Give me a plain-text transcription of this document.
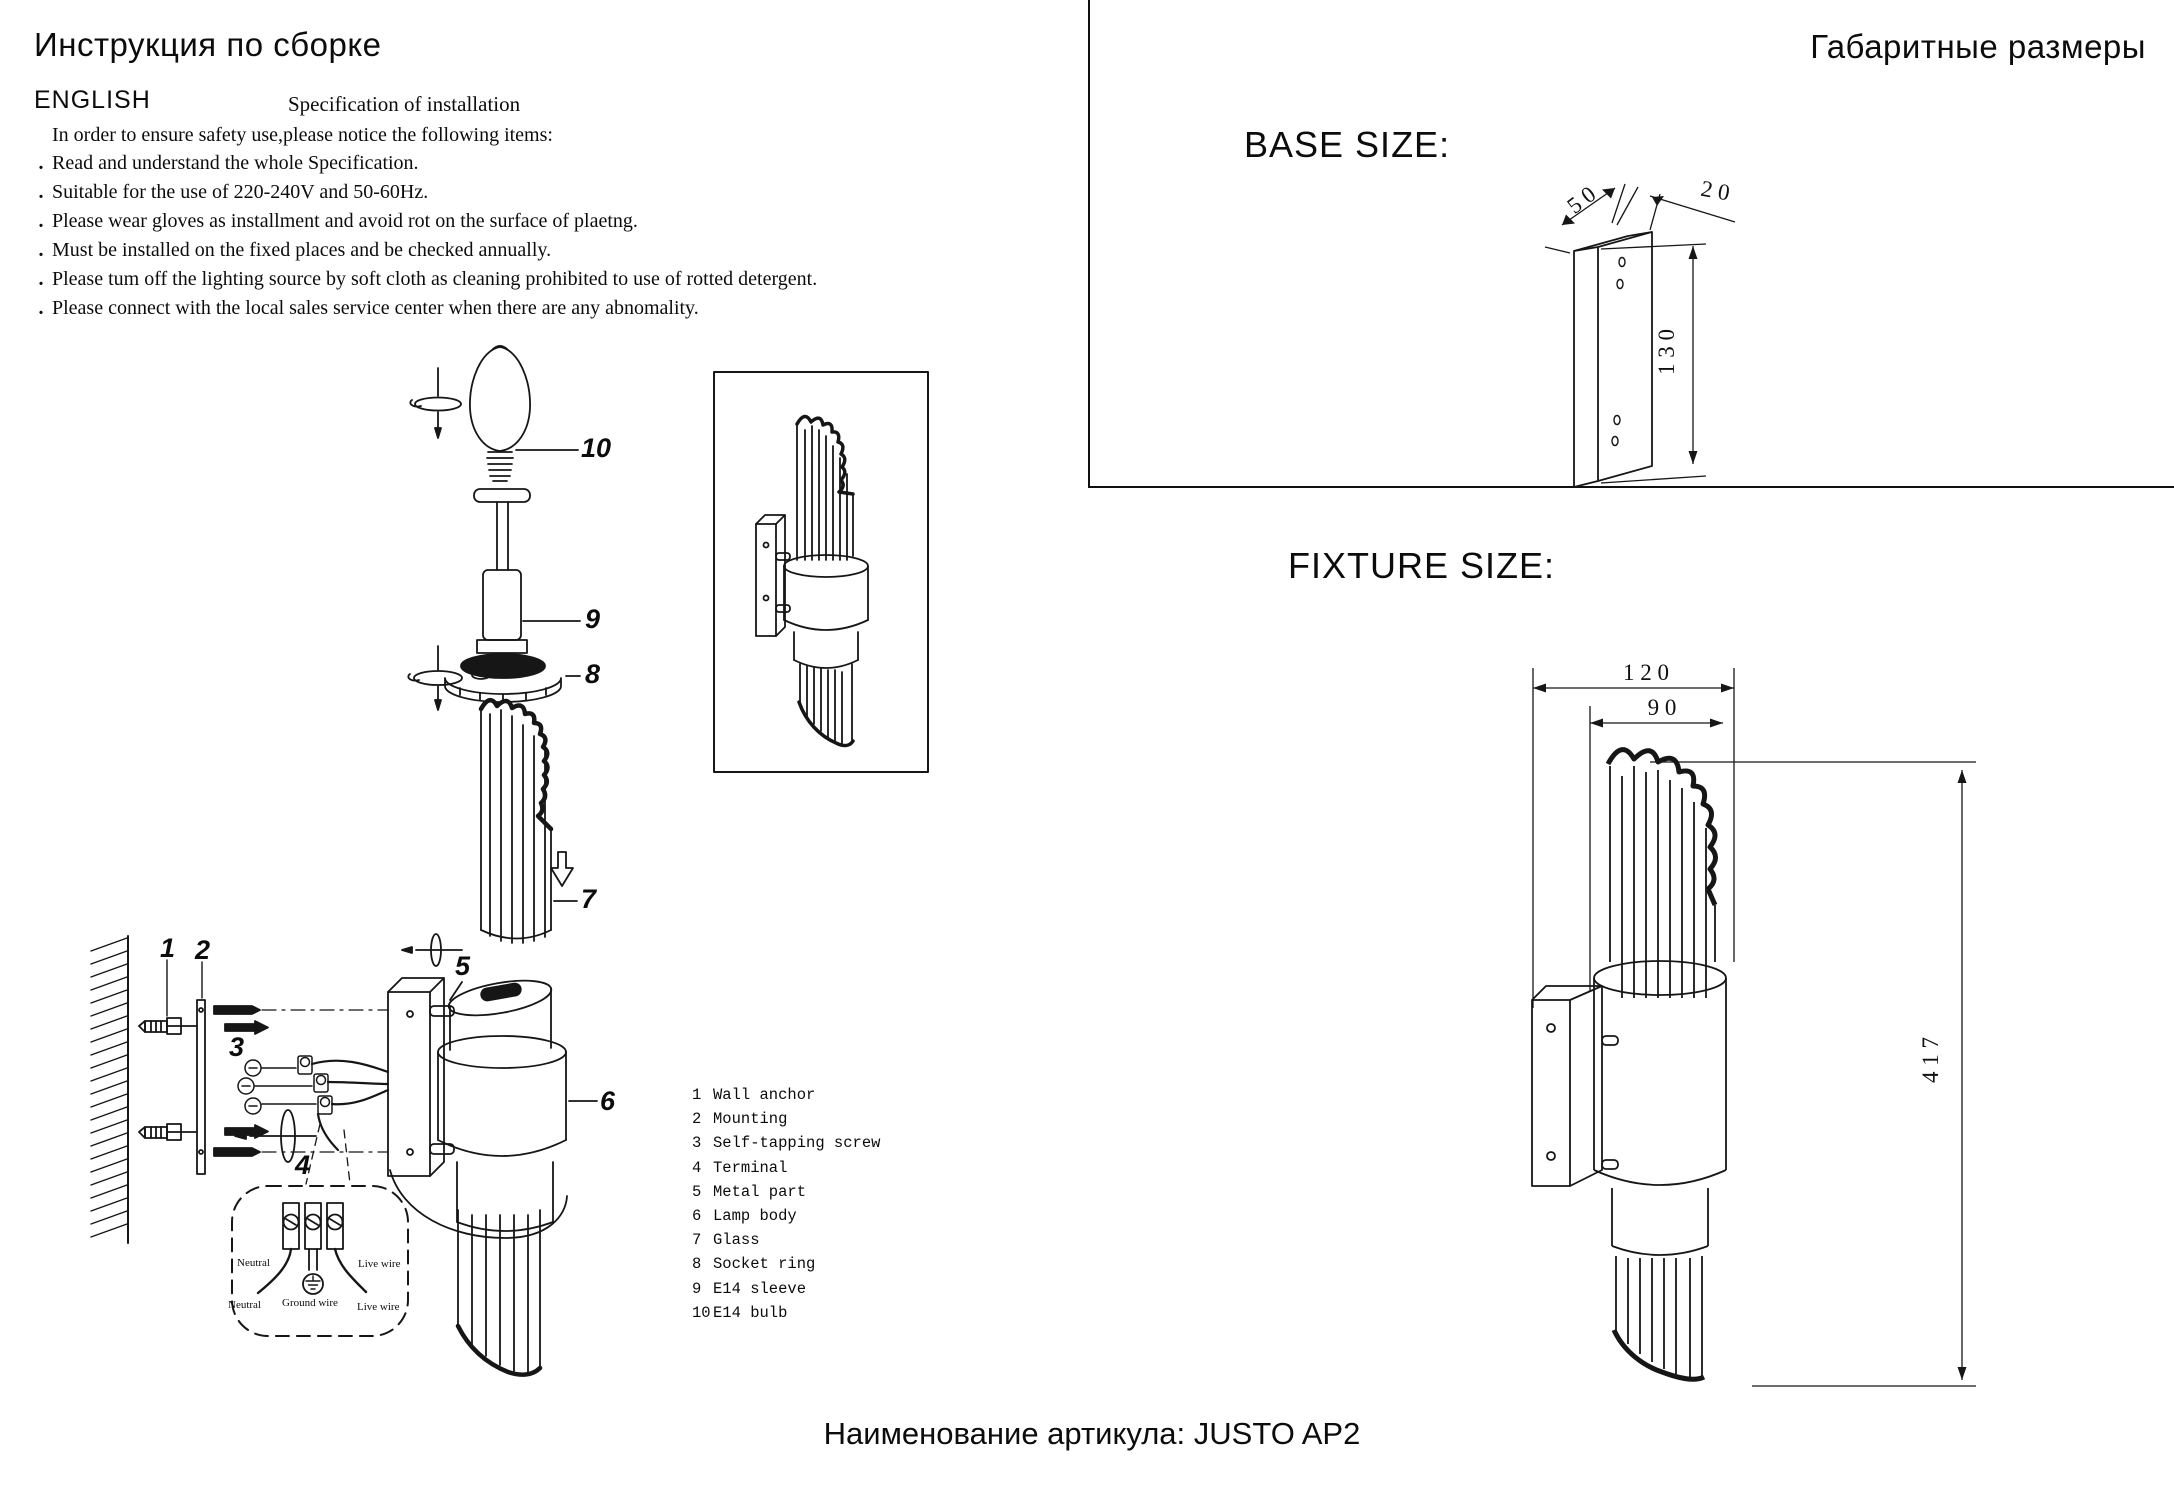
Инструкция по сборке
ENGLISH	Specification of installation
In order to ensure safety use,please notice the following items:
. Read and understand the whole Specification.
. Suitable for the use of 220-240V and 50-60Hz.
. Please wear gloves as installment and avoid rot on the surface of plaetng.
. Must be installed on the fixed places and be checked annually.
. Please tum off the lighting source by soft cloth as cleaning prohibited to use of rotted detergent.
. Please connect with the local sales service center when there are any abnomality.
1 2
3
4
5
6
7
8
9
10
Neutral
Neutral Ground wire
Live wire
Live wire
1 Wall anchor
2 Mounting
3 Self-tapping screw
4 Terminal
5 Metal part
6 Lamp body
7 Glass
8 Socket ring
9 E14 sleeve
10 E14 bulb
Габаритные размеры
BASE SIZE:
5 0	2 0
1 3 0
FIXTURE SIZE:
1 2 0
9 0
4 1 7
Наименование артикула: JUSTO AP2
